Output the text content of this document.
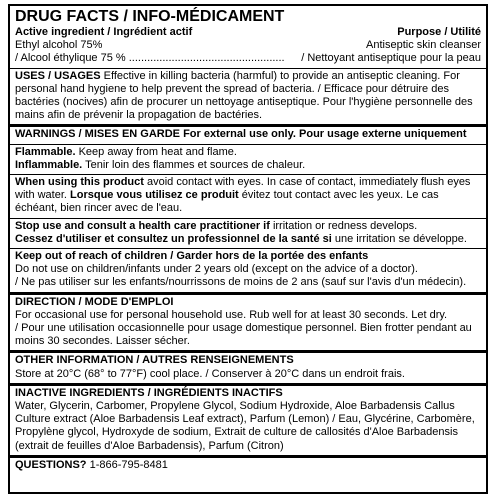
DRUG FACTS / INFO-MÉDICAMENT
Active ingredient / Ingrédient actif	Purpose / Utilité
Ethyl alcohol 75%	Antiseptic skin cleanser
/ Alcool éthylique 75 % ................................................... / Nettoyant antiseptique pour la peau

USES / USAGES Effective in killing bacteria (harmful) to provide an antiseptic cleaning. For personal hand hygiene to help prevent the spread of bacteria. / Efficace pour détruire des bactéries (nocives) afin de procurer un nettoyage antiseptique. Pour l'hygiène personnelle des mains afin de prévenir la propagation de bactéries.

WARNINGS / MISES EN GARDE For external use only. Pour usage externe uniquement

Flammable. Keep away from heat and flame.

Inflammable. Tenir loin des flammes et sources de chaleur.

When using this product avoid contact with eyes. In case of contact, immediately flush eyes with water. Lorsque vous utilisez ce produit évitez tout contact avec les yeux. Le cas échéant, bien rincer avec de l'eau.

Stop use and consult a health care practitioner if irritation or redness develops.

Cessez d'utiliser et consultez un professionnel de la santé si une irritation se développe.

Keep out of reach of children / Garder hors de la portée des enfants

Do not use on children/infants under 2 years old (except on the advice of a doctor).

/ Ne pas utiliser sur les enfants/nourrissons de moins de 2 ans (sauf sur l'avis d'un médecin).

DIRECTION / MODE D'EMPLOI

For occasional use for personal household use. Rub well for at least 30 seconds. Let dry.

/ Pour une utilisation occasionnelle pour usage domestique personnel. Bien frotter pendant au moins 30 secondes. Laisser sécher.

OTHER INFORMATION / AUTRES RENSEIGNEMENTS

Store at 20°C (68° to 77°F) cool place. / Conserver à 20°C dans un endroit frais.

INACTIVE INGREDIENTS / INGRÉDIENTS INACTIFS

Water, Glycerin, Carbomer, Propylene Glycol, Sodium Hydroxide, Aloe Barbadensis Callus Culture extract (Aloe Barbadensis Leaf extract), Parfum (Lemon) / Eau, Glycérine, Carbomère, Propylène glycol, Hydroxyde de sodium, Extrait de culture de callosités d'Aloe Barbadensis (extrait de feuilles d'Aloe Barbadensis), Parfum (Citron)

QUESTIONS? 1-866-795-8481
